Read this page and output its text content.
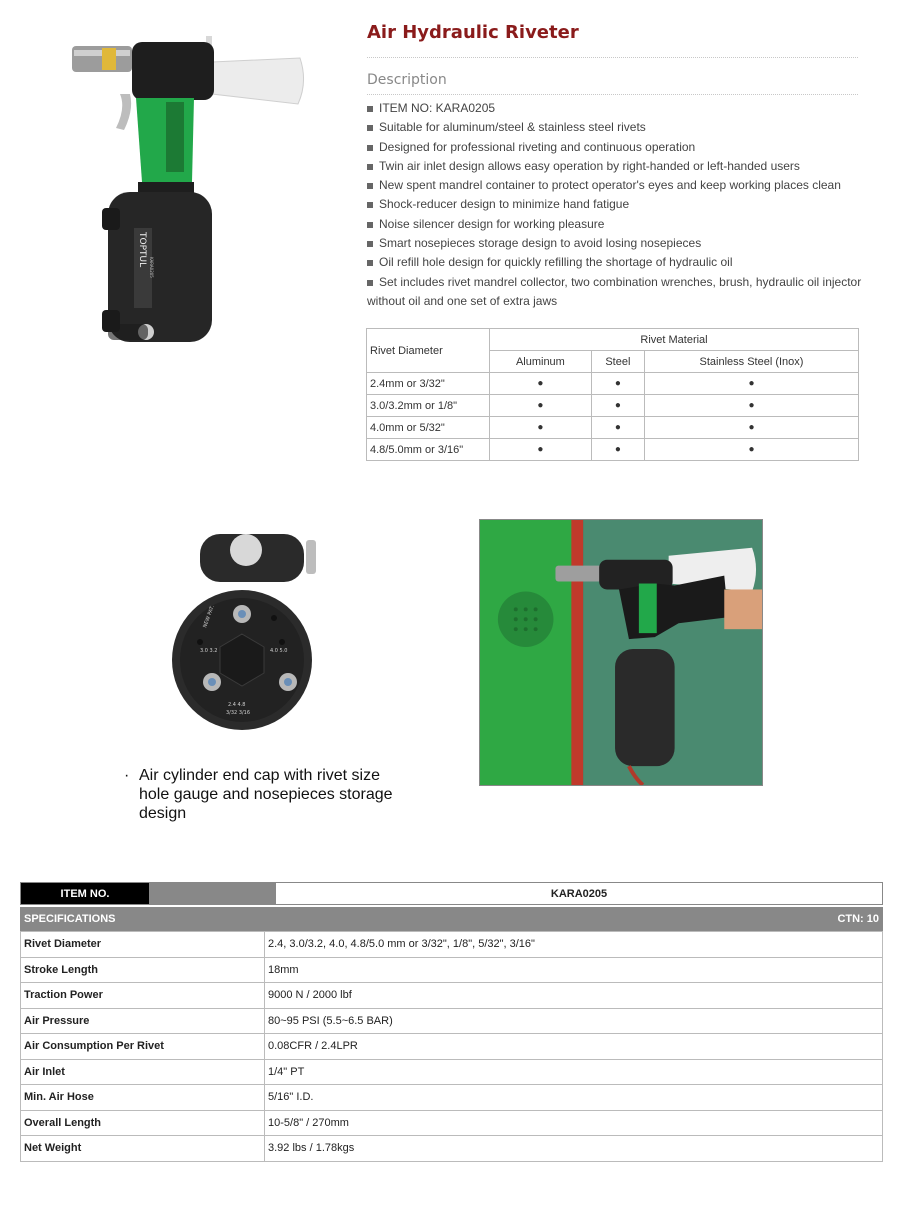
TOPTUL
KARA0205
Air Hydraulic Riveter
Description
ITEM NO: KARA0205
Suitable for aluminum/steel & stainless steel rivets
Designed for professional riveting and continuous operation
Twin air inlet design allows easy operation by right-handed or left-handed users
New spent mandrel container to protect operator's eyes and keep working places clean
Shock-reducer design to minimize hand fatigue
Noise silencer design for working pleasure
Smart nosepieces storage design to avoid losing nosepieces
Oil refill hole design for quickly refilling the shortage of hydraulic oil
Set includes rivet mandrel collector, two combination wrenches, brush, hydraulic oil injector without oil and one set of extra jaws
Rivet Diameter	Rivet Material		
	Aluminum	Steel	Stainless Steel (Inox)
2.4mm or 3/32"	●	●	●
3.0/3.2mm or 1/8"	●	●	●
4.0mm or 5/32"	●	●	●
4.8/5.0mm or 3/16"	●	●	●
NEW PAT.
3.0 3.2	4.0 5.0
2.4 4.8
3/32 3/16
· Air cylinder end cap with rivet size hole gauge and nosepieces storage design
ITEM NO.	KARA0205
SPECIFICATIONS	CTN: 10
Rivet Diameter	2.4, 3.0/3.2, 4.0, 4.8/5.0 mm or 3/32", 1/8", 5/32", 3/16"
Stroke Length	18mm
Traction Power	9000 N / 2000 lbf
Air Pressure	80~95 PSI (5.5~6.5 BAR)
Air Consumption Per Rivet	0.08CFR / 2.4LPR
Air Inlet	1/4" PT
Min. Air Hose	5/16" I.D.
Overall Length	10-5/8" / 270mm
Net Weight	3.92 lbs / 1.78kgs
